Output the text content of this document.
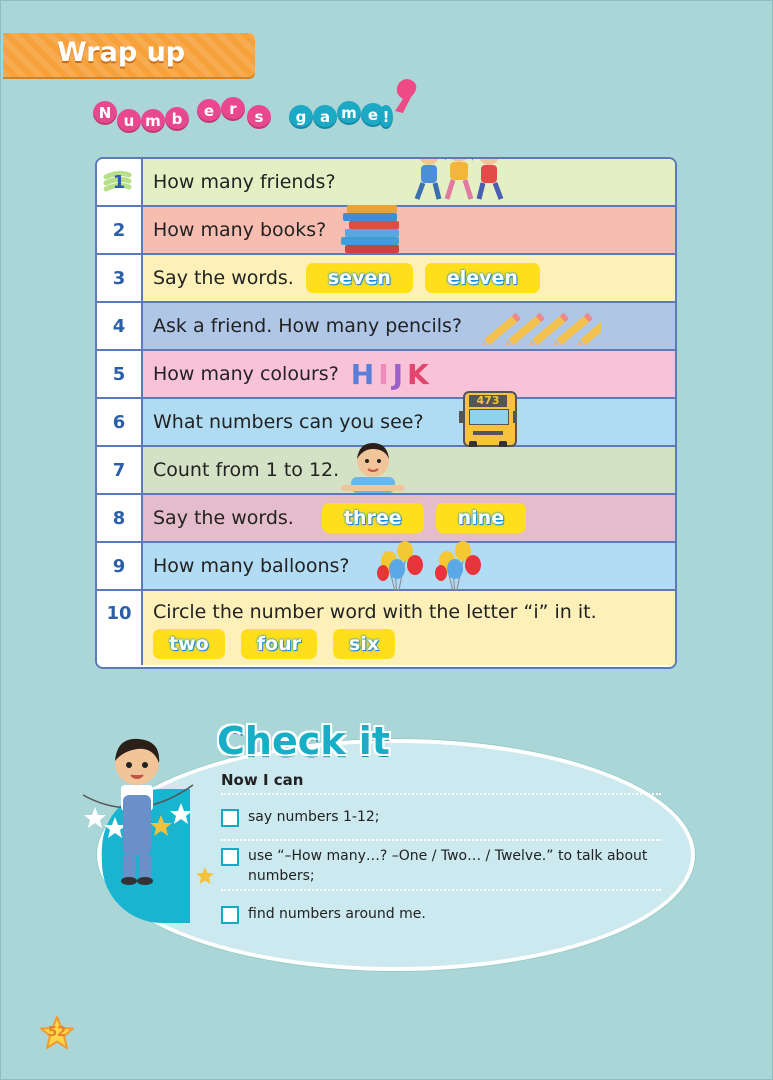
Wrap up
N u m b	e	r	s	g a m e !
1 How many friends?
2	How many books?
3	Say the words.	seven	eleven
4	Ask a friend. How many pencils?
5	How many colours? HIJK
6	What numbers can you see?
473
7	Count from 1 to 12.
8	Say the words.	three	nine
9	How many balloons?
10	Circle the number word with the letter “i” in it.
two	four	six
Check it
Now I can
say numbers 1-12;
use “–How many…? –One / Two… / Twelve.” to talk about numbers;
find numbers around me.
52
